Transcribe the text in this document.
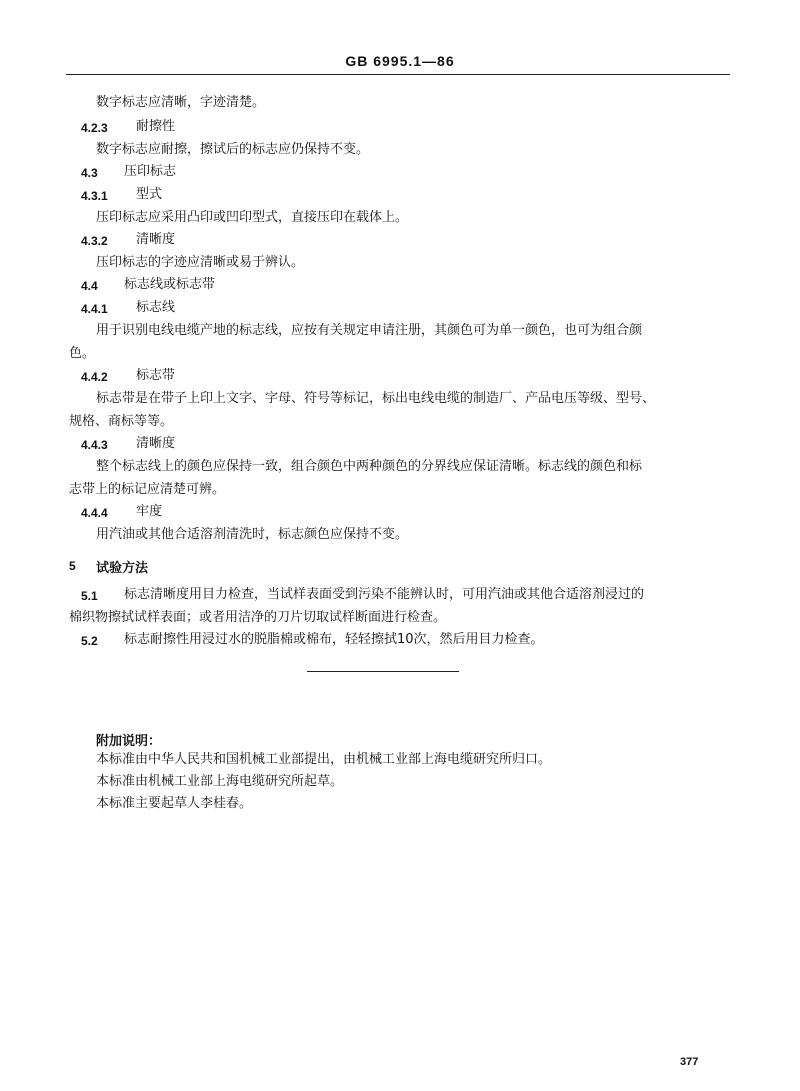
GB 6995.1—86
数字标志应清晰，字迹清楚。
4.2.3 耐擦性
数字标志应耐擦，擦试后的标志应仍保持不变。
4.3 压印标志
4.3.1 型式
压印标志应采用凸印或凹印型式，直接压印在载体上。
4.3.2 清晰度
压印标志的字迹应清晰或易于辨认。
4.4 标志线或标志带
4.4.1 标志线
用于识别电线电缆产地的标志线，应按有关规定申请注册，其颜色可为单一颜色，也可为组合颜
色。
4.4.2 标志带
标志带是在带子上印上文字、字母、符号等标记，标出电线电缆的制造厂、产品电压等级、型号、
规格、商标等等。
4.4.3 清晰度
整个标志线上的颜色应保持一致，组合颜色中两种颜色的分界线应保证清晰。标志线的颜色和标
志带上的标记应清楚可辨。
4.4.4 牢度
用汽油或其他合适溶剂清洗时，标志颜色应保持不变。
5 试验方法
5.1 标志清晰度用目力检查，当试样表面受到污染不能辨认时，可用汽油或其他合适溶剂浸过的
棉织物擦拭试样表面；或者用洁净的刀片切取试样断面进行检查。
5.2 标志耐擦性用浸过水的脱脂棉或棉布，轻轻擦拭10次，然后用目力检查。
附加说明：
本标准由中华人民共和国机械工业部提出，由机械工业部上海电缆研究所归口。
本标准由机械工业部上海电缆研究所起草。
本标准主要起草人李桂春。
377
